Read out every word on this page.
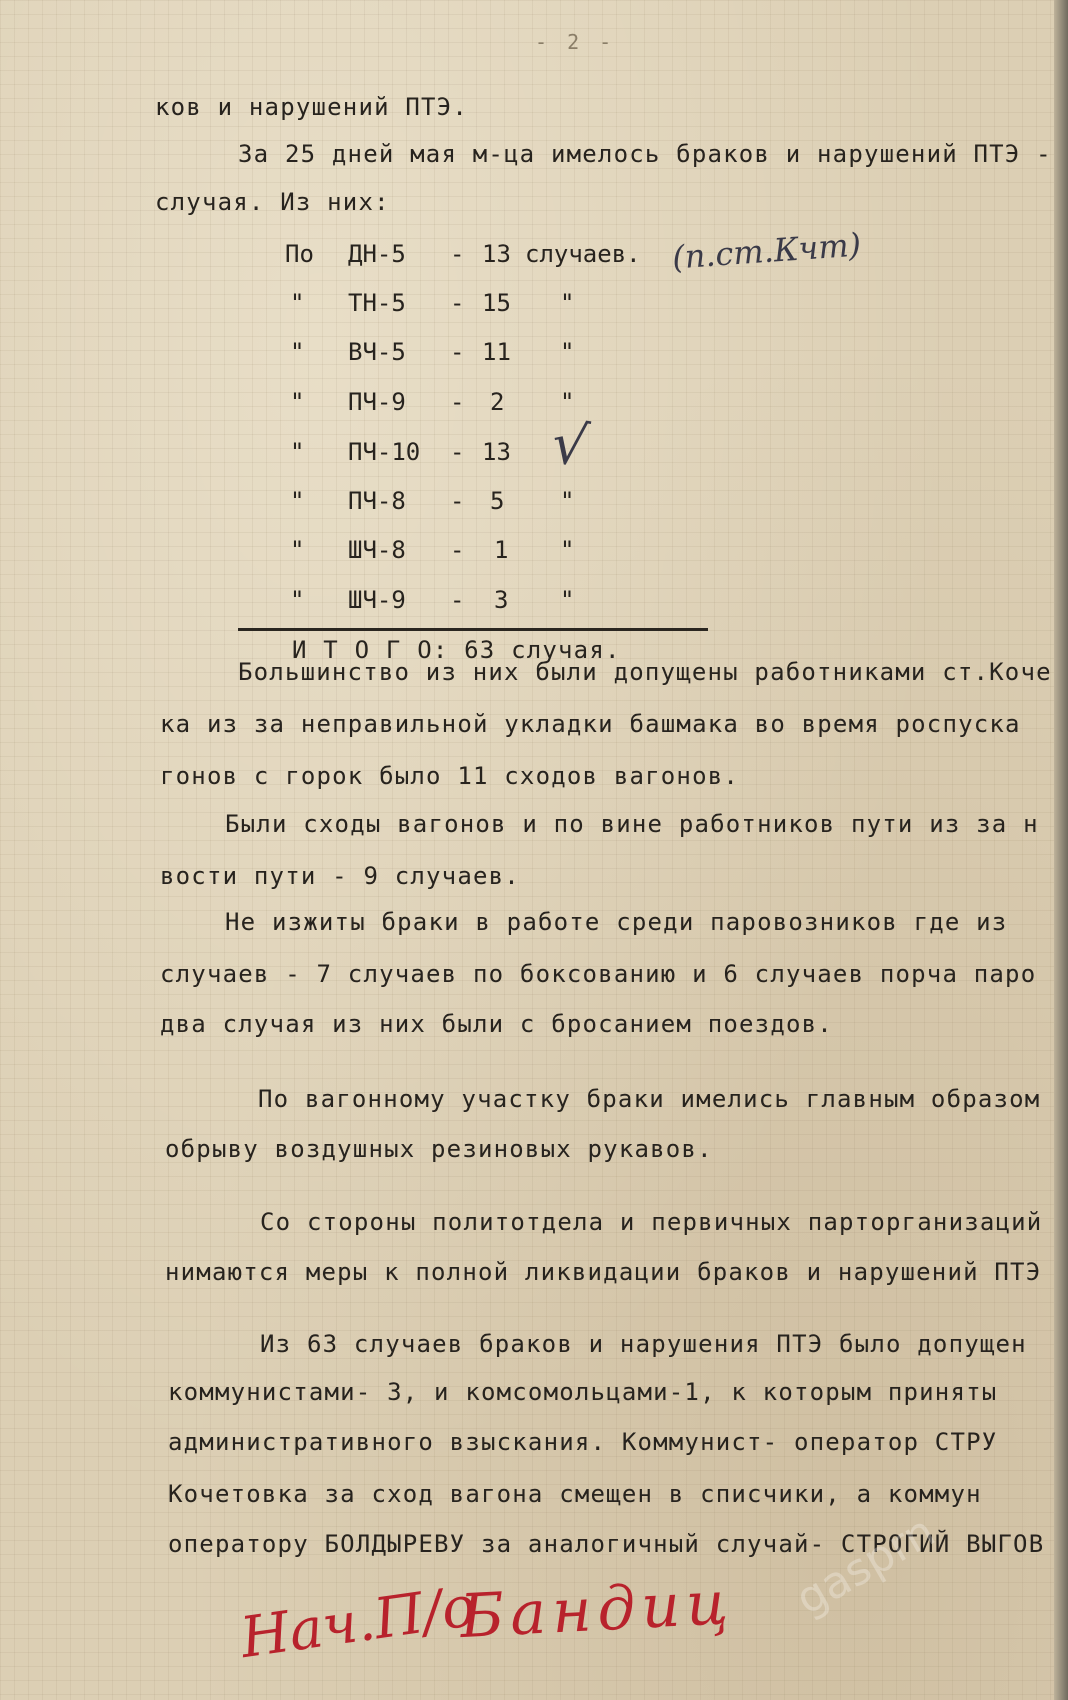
- 2 -
ков и нарушений ПТЭ.
За 25 дней мая м-ца имелось браков и нарушений ПТЭ -
случая. Из них:
По ДН-5 - 13 случаев.
" ТН-5 - 15 "
" ВЧ-5 - 11 "
" ПЧ-9 - 2 "
" ПЧ-10 - 13
" ПЧ-8 - 5 "
" ШЧ-8 - 1 "
" ШЧ-9 - 3 "
И Т О Г О: 63 случая.
Большинство из них были допущены работниками ст.Коче
ка из за неправильной укладки башмака во время роспуска
гонов с горок было 11 сходов вагонов.
Были сходы вагонов и по вине работников пути из за н
вости пути - 9 случаев.
Не изжиты браки в работе среди паровозников где из
случаев - 7 случаев по боксованию и 6 случаев порча паро
два случая из них были с бросанием поездов.
По вагонному участку браки имелись главным образом
обрыву воздушных резиновых рукавов.
Со стороны политотдела и первичных парторганизаций
нимаются меры к полной ликвидации браков и нарушений ПТЭ
Из 63 случаев браков и нарушения ПТЭ было допущен
коммунистами- 3, и комсомольцами-1, к которым приняты
административного взыскания. Коммунист- оператор СТРУ
Кочетовка за сход вагона смещен в списчики, а коммун
оператору БОЛДЫРЕВУ за аналогичный случай- СТРОГИЙ ВЫГОВ
(п.ст.Кчт)
√
Нач.П/о
Бандиц gasprn
